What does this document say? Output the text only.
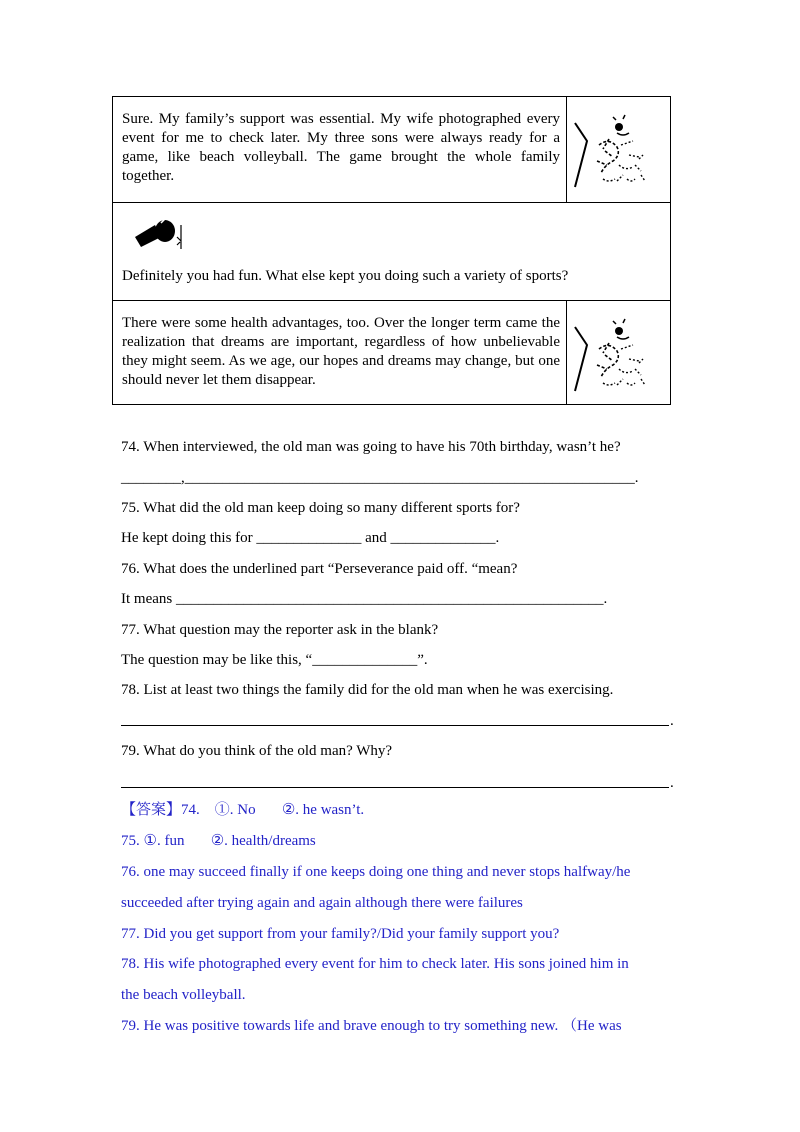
Sure. My family’s support was essential. My wife photographed every event for me to check later. My three sons were always ready for a game, like beach volleyball. The game brought the whole family together.
Definitely you had fun. What else kept you doing such a variety of sports?
There were some health advantages, too. Over the longer term came the realization that dreams are important, regardless of how unbelievable they might seem. As we age, our hopes and dreams may change, but one should never let them disappear.
74. When interviewed, the old man was going to have his 70th birthday, wasn’t he?
________,____________________________________________________________.
75. What did the old man keep doing so many different sports for?
He kept doing this for ______________ and ______________.
76. What does the underlined part “Perseverance paid off. “mean?
It means _________________________________________________________.
77. What question may the reporter ask in the blank?
The question may be like this, “______________”.
78. List at least two things the family did for the old man when he was exercising.
.
79. What do you think of the old man? Why?
.
【答案】74.    ①. No       ②. he wasn’t.
75. ①. fun       ②. health/dreams
76. one may succeed finally if one keeps doing one thing and never stops halfway/he
succeeded after trying again and again although there were failures
77. Did you get support from your family?/Did your family support you?
78. His wife photographed every event for him to check later. His sons joined him in
the beach volleyball.
79. He was positive towards life and brave enough to try something new. （He was
